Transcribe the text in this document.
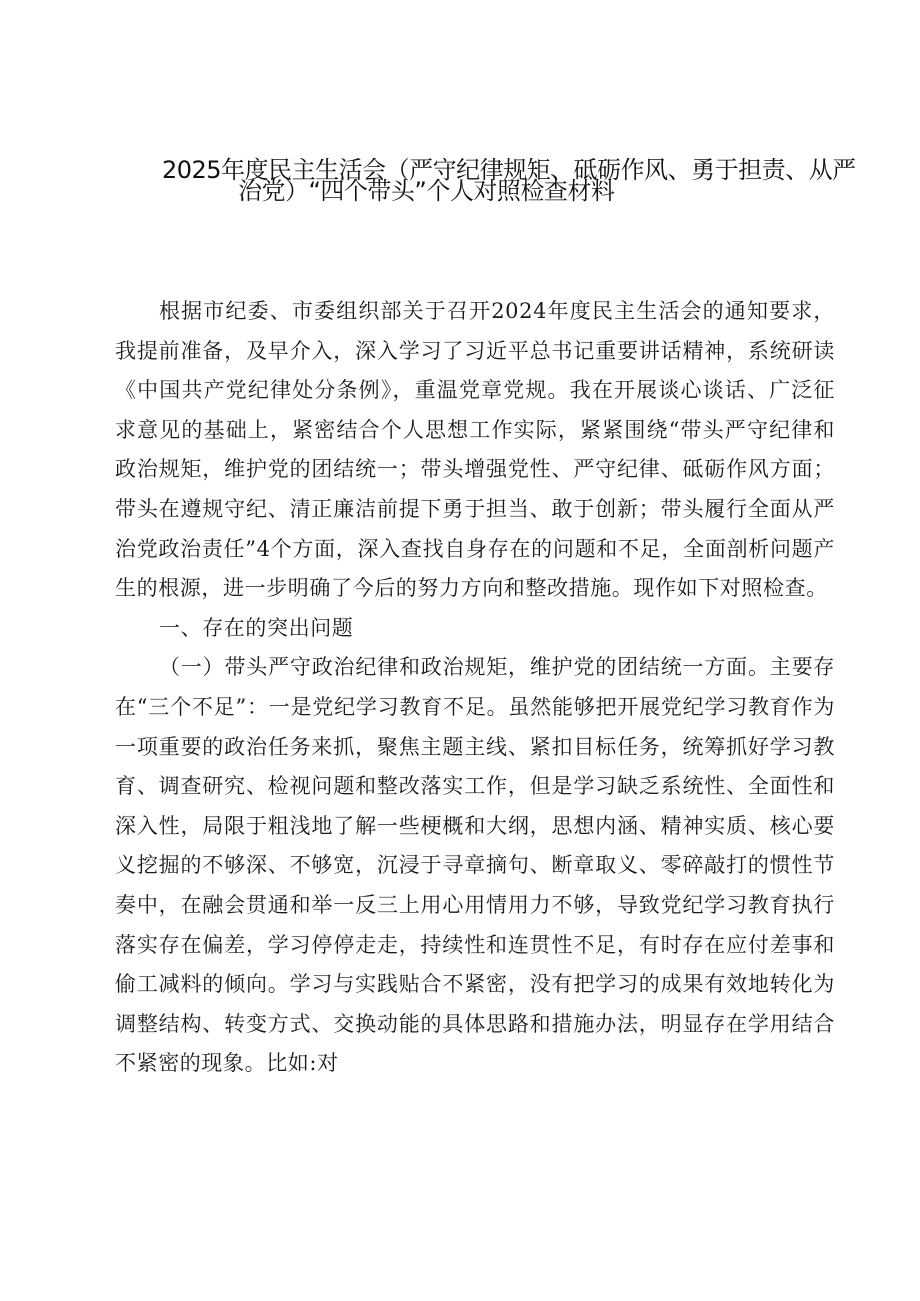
2025年度民主生活会（严守纪律规矩、砥砺作风、勇于担责、从严
治党）“四个带头”个人对照检查材料

根据市纪委、市委组织部关于召开2024年度民主生活会的通知要求，我提前准备，及早介入，深入学习了习近平总书记重要讲话精神，系统研读《中国共产党纪律处分条例》，重温党章党规。我在开展谈心谈话、广泛征求意见的基础上，紧密结合个人思想工作实际，紧紧围绕“带头严守纪律和政治规矩，维护党的团结统一；带头增强党性、严守纪律、砥砺作风方面；带头在遵规守纪、清正廉洁前提下勇于担当、敢于创新；带头履行全面从严治党政治责任”4个方面，深入查找自身存在的问题和不足，全面剖析问题产生的根源，进一步明确了今后的努力方向和整改措施。现作如下对照检查。

一、存在的突出问题

（一）带头严守政治纪律和政治规矩，维护党的团结统一方面。主要存在“三个不足”：一是党纪学习教育不足。虽然能够把开展党纪学习教育作为一项重要的政治任务来抓，聚焦主题主线、紧扣目标任务，统筹抓好学习教育、调查研究、检视问题和整改落实工作，但是学习缺乏系统性、全面性和深入性，局限于粗浅地了解一些梗概和大纲，思想内涵、精神实质、核心要义挖掘的不够深、不够宽，沉浸于寻章摘句、断章取义、零碎敲打的惯性节奏中，在融会贯通和举一反三上用心用情用力不够，导致党纪学习教育执行落实存在偏差，学习停停走走，持续性和连贯性不足，有时存在应付差事和偷工减料的倾向。学习与实践贴合不紧密，没有把学习的成果有效地转化为调整结构、转变方式、交换动能的具体思路和措施办法，明显存在学用结合不紧密的现象。比如:对
